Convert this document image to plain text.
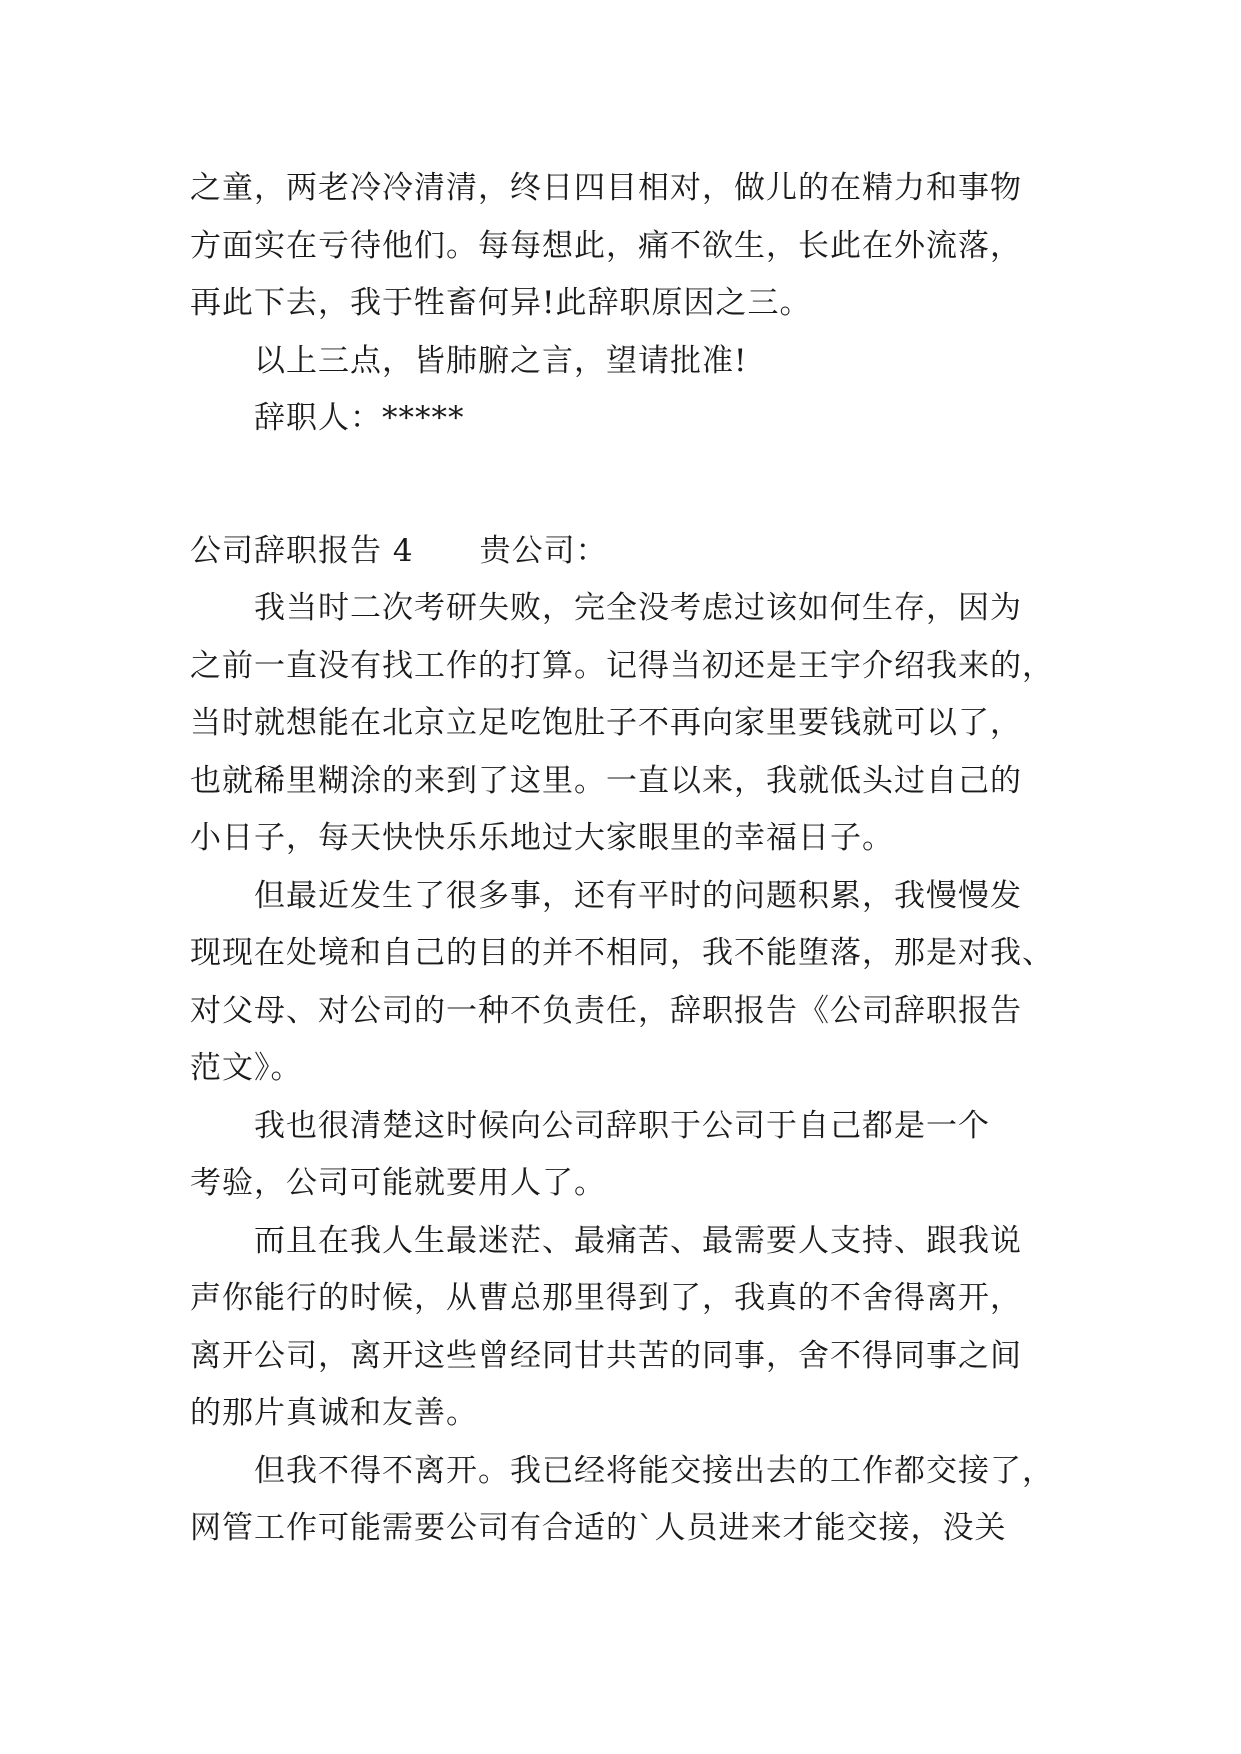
之童，两老冷冷清清，终日四目相对，做儿的在精力和事物
方面实在亏待他们。每每想此，痛不欲生，长此在外流落，
再此下去，我于牲畜何异!此辞职原因之三。
以上三点，皆肺腑之言，望请批准!
辞职人：*****
公司辞职报告 4 贵公司：
我当时二次考研失败，完全没考虑过该如何生存，因为
之前一直没有找工作的打算。记得当初还是王宇介绍我来的，
当时就想能在北京立足吃饱肚子不再向家里要钱就可以了，
也就稀里糊涂的来到了这里。一直以来，我就低头过自己的
小日子，每天快快乐乐地过大家眼里的幸福日子。
但最近发生了很多事，还有平时的问题积累，我慢慢发
现现在处境和自己的目的并不相同，我不能堕落，那是对我、
对父母、对公司的一种不负责任，辞职报告《公司辞职报告
范文》。
我也很清楚这时候向公司辞职于公司于自己都是一个
考验，公司可能就要用人了。
而且在我人生最迷茫、最痛苦、最需要人支持、跟我说
声你能行的时候，从曹总那里得到了，我真的不舍得离开，
离开公司，离开这些曾经同甘共苦的同事，舍不得同事之间
的那片真诚和友善。
但我不得不离开。我已经将能交接出去的工作都交接了，
网管工作可能需要公司有合适的`人员进来才能交接，没关
